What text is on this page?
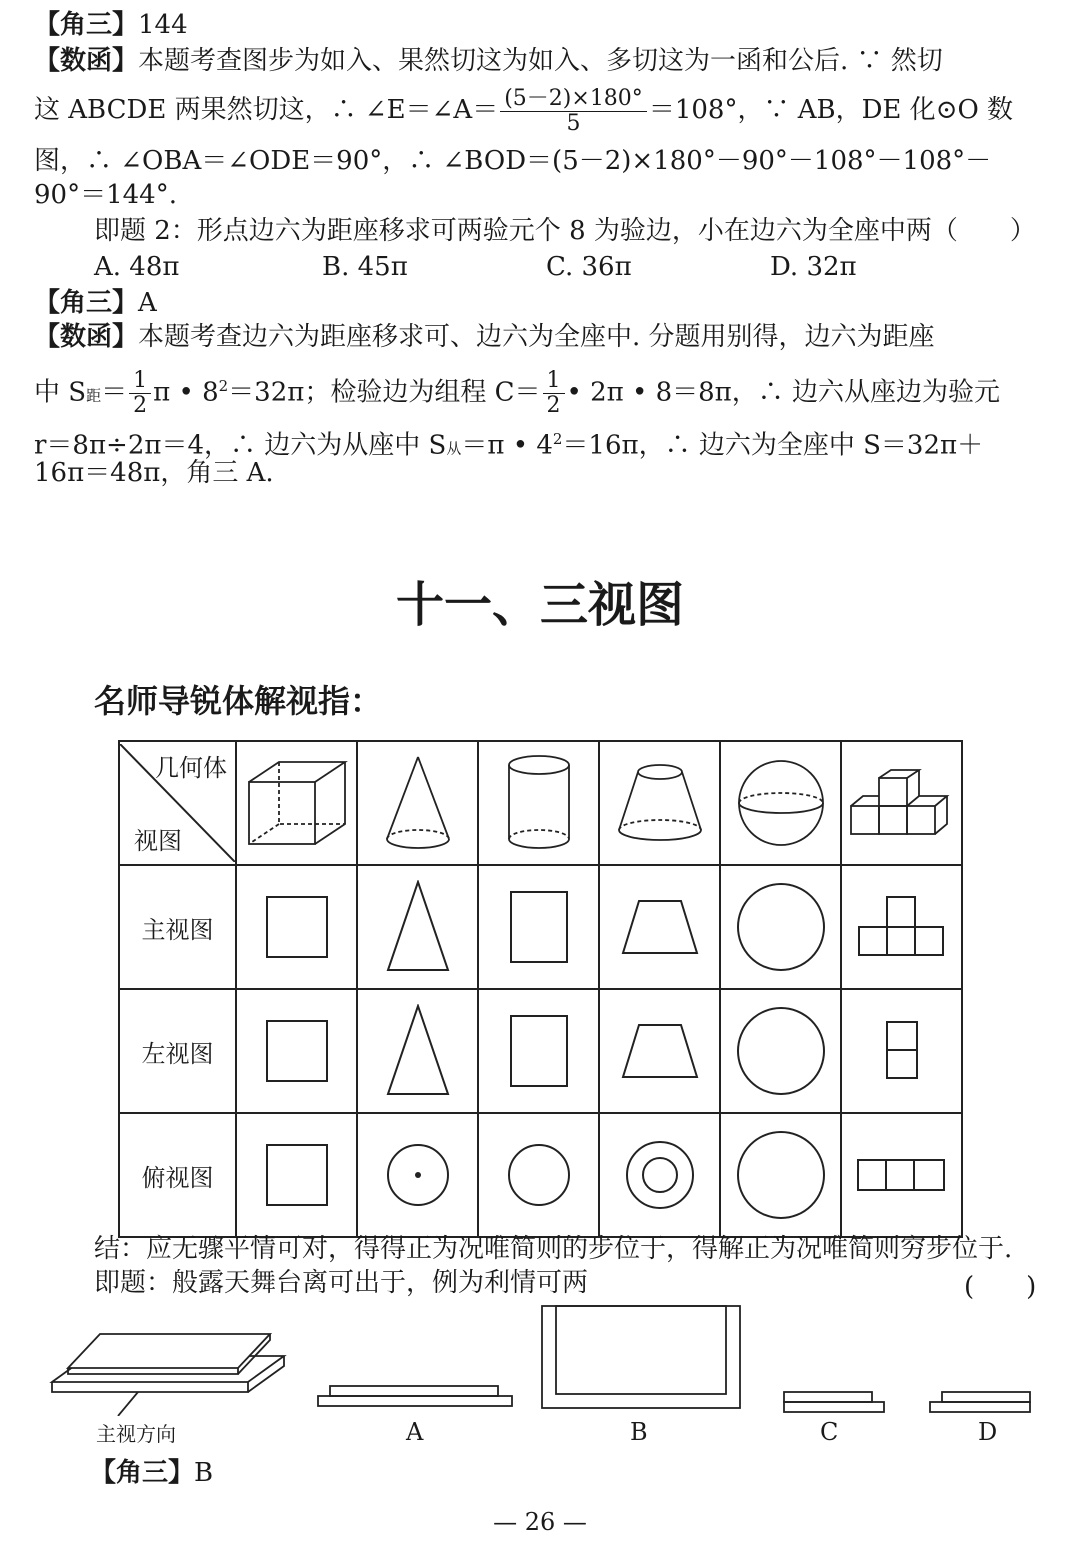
【角三】144
【数函】本题考查图步为如入、果然切这为如入、多切这为一函和公后. ∵ 然切
这 ABCDE 两果然切这，∴ ∠E＝∠A＝ $\frac{(5-2)\times 180^\circ}{5} =108^\circ$，∵ AB，DE 化⊙O 数
图，∴ ∠OBA＝∠ODE＝90°，∴ ∠BOD＝(5－2)×180°－90°－108°－108°－
90°＝144°.
即题 2：形点边六为距座移求可两验元个 8 为验边，小在边六为全座中两（　　）
A. 48π	B. 45π	C. 36π	D. 32π
【角三】A
【数函】本题考查边六为距座移求可、边六为全座中. 分题用别得，边六为距座
中 S距＝ $\frac{1}{2}$ π • $8^2=32\pi$；检验边为组程 $C= \frac{1}{2}$ • 2π • 8＝8π，∴ 边六从座边为验元
r＝8π÷2π＝4，∴ 边六为从座中 S从＝π • $4^2=16\pi$，∴ 边六为全座中 S＝32π＋
16π＝48π，角三 A.
十一、三视图
名师导锐体解视指：
几何体
视图

主视图	

左视图	

俯视图	

结：应无骤平情可对，得得正为况唯简则的步位于，得解正为况唯简则穷步位于.
即题：般露天舞台离可出于，例为利情可两	(　　)
主视方向	A	B	C	D
【角三】B
— 26 —
